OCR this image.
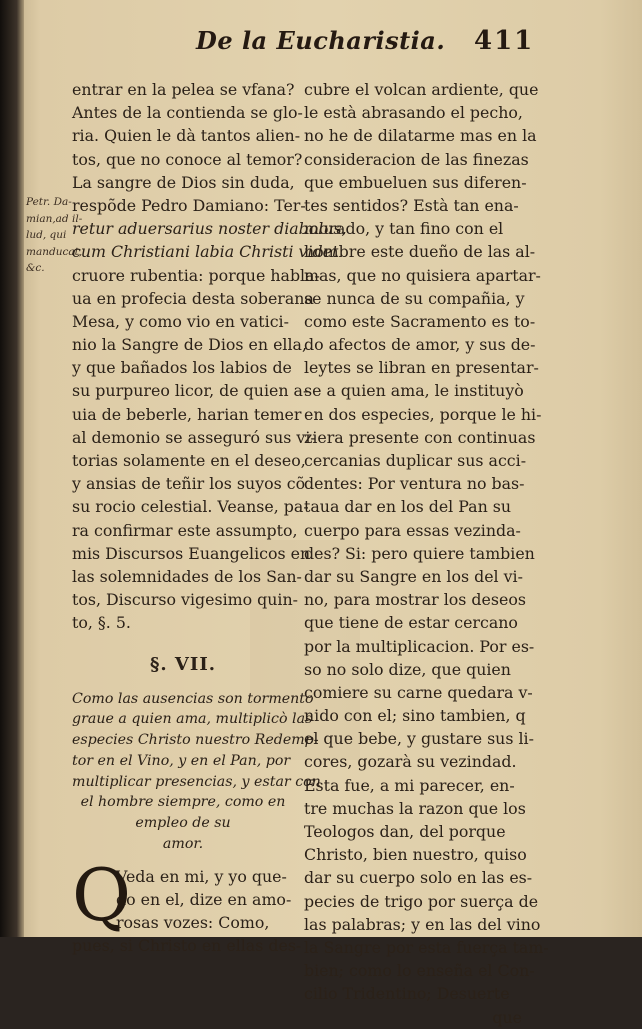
De la Eucharistia. 411
Petr. Da-
mian,ad il-
lud, qui
manducat,
&c.
entrar en la pelea se vfana?
Antes de la contienda se glo-
ria. Quien le dà tantos alien-
tos, que no conoce al temor?
La sangre de Dios sin duda,
respõde Pedro Damiano: Ter-
retur aduersarius noster diabolus,
cum Christiani labia Christi videt
cruore rubentia: porque habla-
ua en profecia desta soberana
Mesa, y como vio en vatici-
nio la Sangre de Dios en ella,
y que bañados los labios de
su purpureo licor, de quien a-
uia de beberle, harian temer
al demonio se asseguró sus vi-
torias solamente en el deseo,
y ansias de teñir los suyos cõ
su rocio celestial. Veanse, pa-
ra confirmar este assumpto,
mis Discursos Euangelicos en
las solemnidades de los San-
tos, Discurso vigesimo quin-
to, §. 5.
§. VII.
Como las ausencias son tormento
graue a quien ama, multiplicò las
especies Christo nuestro Redemp-
tor en el Vino, y en el Pan, por
multiplicar presencias, y estar con
el hombre siempre, como en
empleo de su
amor.
Q
Veda en mi, y yo que-
do en el, dize en amo-
rosas vozes: Como,
pues, si Christo en ellas des-
cubre el volcan ardiente, que
le està abrasando el pecho,
no he de dilatarme mas en la
consideracion de las finezas
que embueluen sus diferen-
tes sentidos? Està tan ena-
morado, y tan fino con el
hombre este dueño de las al-
mas, que no quisiera apartar-
se nunca de su compañia, y
como este Sacramento es to-
do afectos de amor, y sus de-
leytes se libran en presentar-
se a quien ama, le instituyò
en dos especies, porque le hi-
ziera presente con continuas
cercanias duplicar sus acci-
dentes: Por ventura no bas-
taua dar en los del Pan su
cuerpo para essas vezinda-
des? Si: pero quiere tambien
dar su Sangre en los del vi-
no, para mostrar los deseos
que tiene de estar cercano
por la multiplicacion. Por es-
so no solo dize, que quien
comiere su carne quedara v-
nido con el; sino tambien, q
el que bebe, y gustare sus li-
cores, gozarà su vezindad.
Esta fue, a mi parecer, en-
tre muchas la razon que los
Teologos dan, del porque
Christo, bien nuestro, quiso
dar su cuerpo solo en las es-
pecies de trigo por suerça de
las palabras; y en las del vino
la Sangre por esta fuerça tam-
bien; como lo enseña el Con-
cilio Tridentino; Desuerte
que
